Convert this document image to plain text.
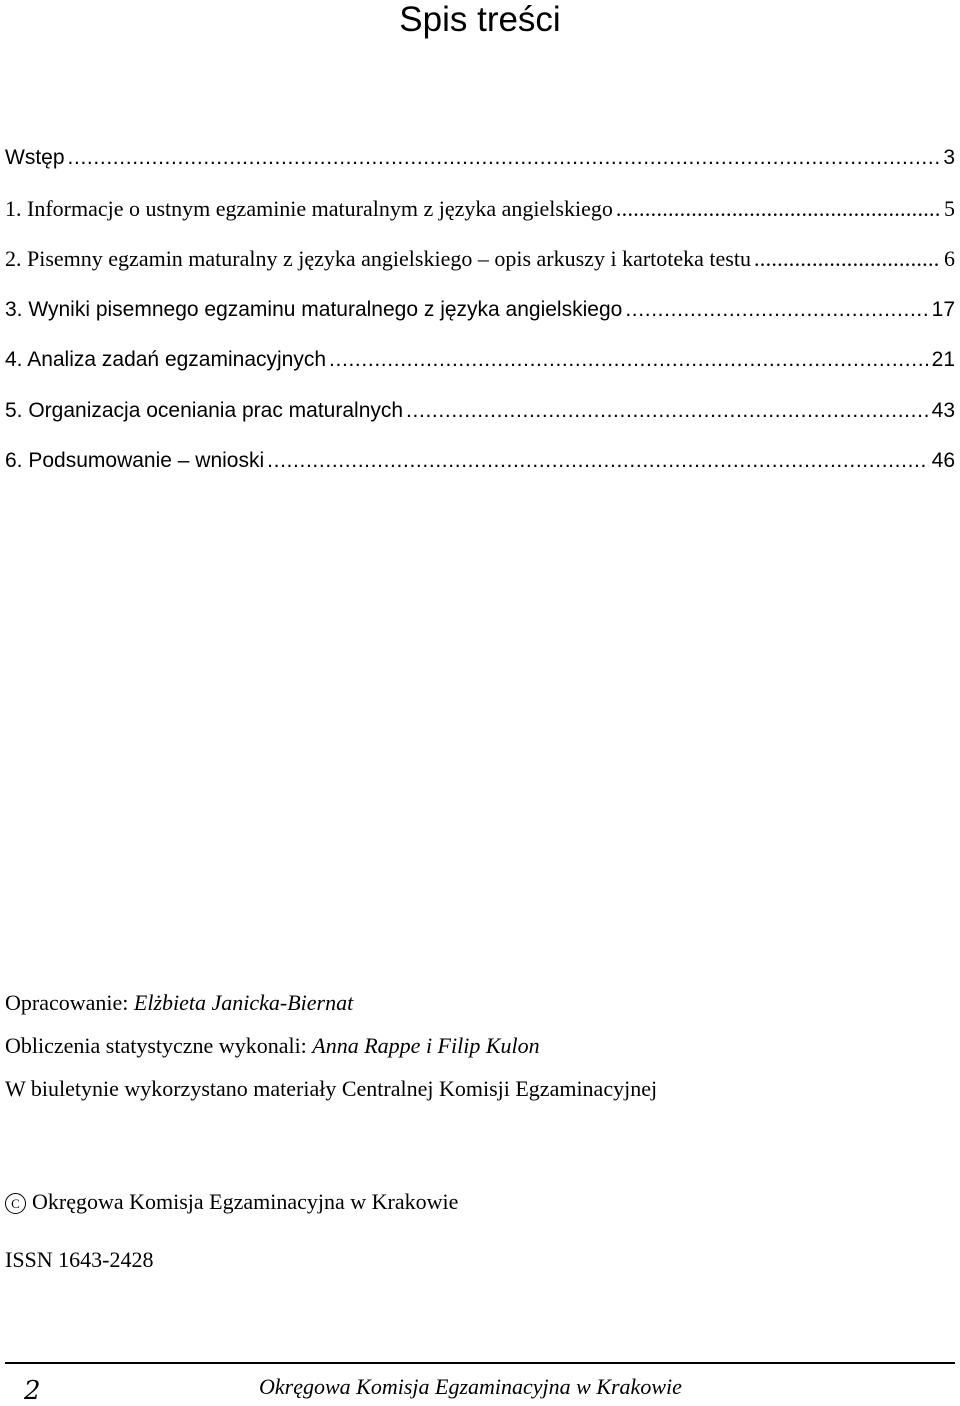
Spis treści
Wstęp . . .	3
1. Informacje o ustnym egzaminie maturalnym z języka angielskiego . . .	5
2. Pisemny egzamin maturalny z języka angielskiego – opis arkuszy i kartoteka testu . . .	6
3. Wyniki pisemnego egzaminu maturalnego z języka angielskiego . . .	17
4. Analiza zadań egzaminacyjnych . . .	21
5. Organizacja oceniania prac maturalnych . . .	43
6. Podsumowanie – wnioski . . .	46

Opracowanie: Elżbieta Janicka-Biernat

Obliczenia statystyczne wykonali: Anna Rappe i Filip Kulon

W biuletynie wykorzystano materiały Centralnej Komisji Egzaminacyjnej

C Okręgowa Komisja Egzaminacyjna w Krakowie
ISSN 1643-2428
2	Okręgowa Komisja Egzaminacyjna w Krakowie
